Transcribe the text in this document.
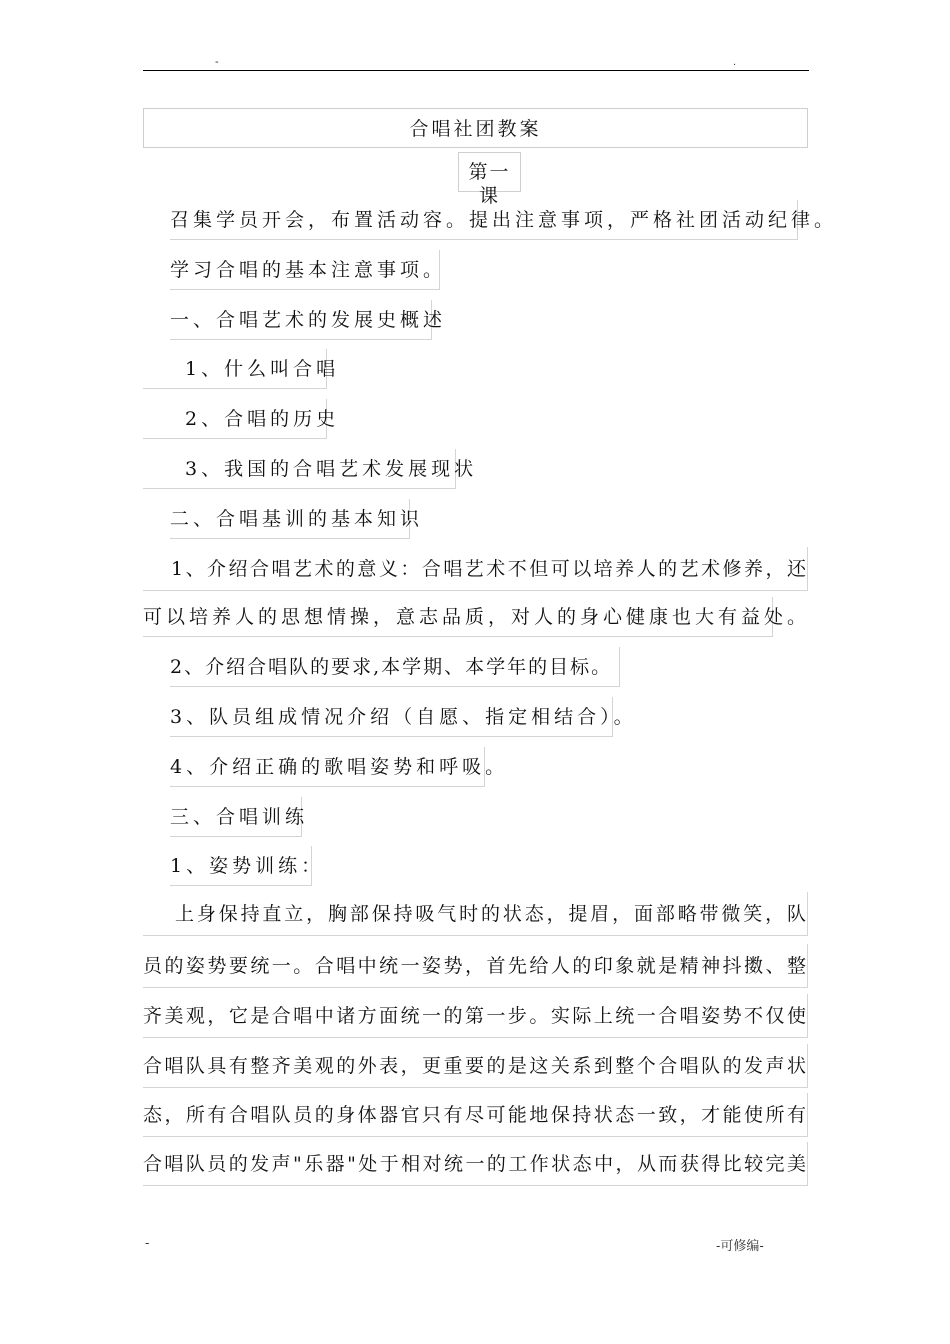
-	.
合唱社团教案
第一课
召集学员开会，布置活动容。提出注意事项，严格社团活动纪律。
学习合唱的基本注意事项。
一、合唱艺术的发展史概述
1、什么叫合唱
2、合唱的历史
3、我国的合唱艺术发展现状
二、合唱基训的基本知识
1、介绍合唱艺术的意义：合唱艺术不但可以培养人的艺术修养，还
可以培养人的思想情操，意志品质，对人的身心健康也大有益处。
2、介绍合唱队的要求,本学期、本学年的目标。
3、队员组成情况介绍（自愿、指定相结合）。
4、介绍正确的歌唱姿势和呼吸。
三、合唱训练
1、姿势训练：
上身保持直立，胸部保持吸气时的状态，提眉，面部略带微笑，队
员的姿势要统一。合唱中统一姿势，首先给人的印象就是精神抖擞、整
齐美观，它是合唱中诸方面统一的第一步。实际上统一合唱姿势不仅使
合唱队具有整齐美观的外表，更重要的是这关系到整个合唱队的发声状
态，所有合唱队员的身体器官只有尽可能地保持状态一致，才能使所有
合唱队员的发声"乐器"处于相对统一的工作状态中，从而获得比较完美
-	-可修编-
